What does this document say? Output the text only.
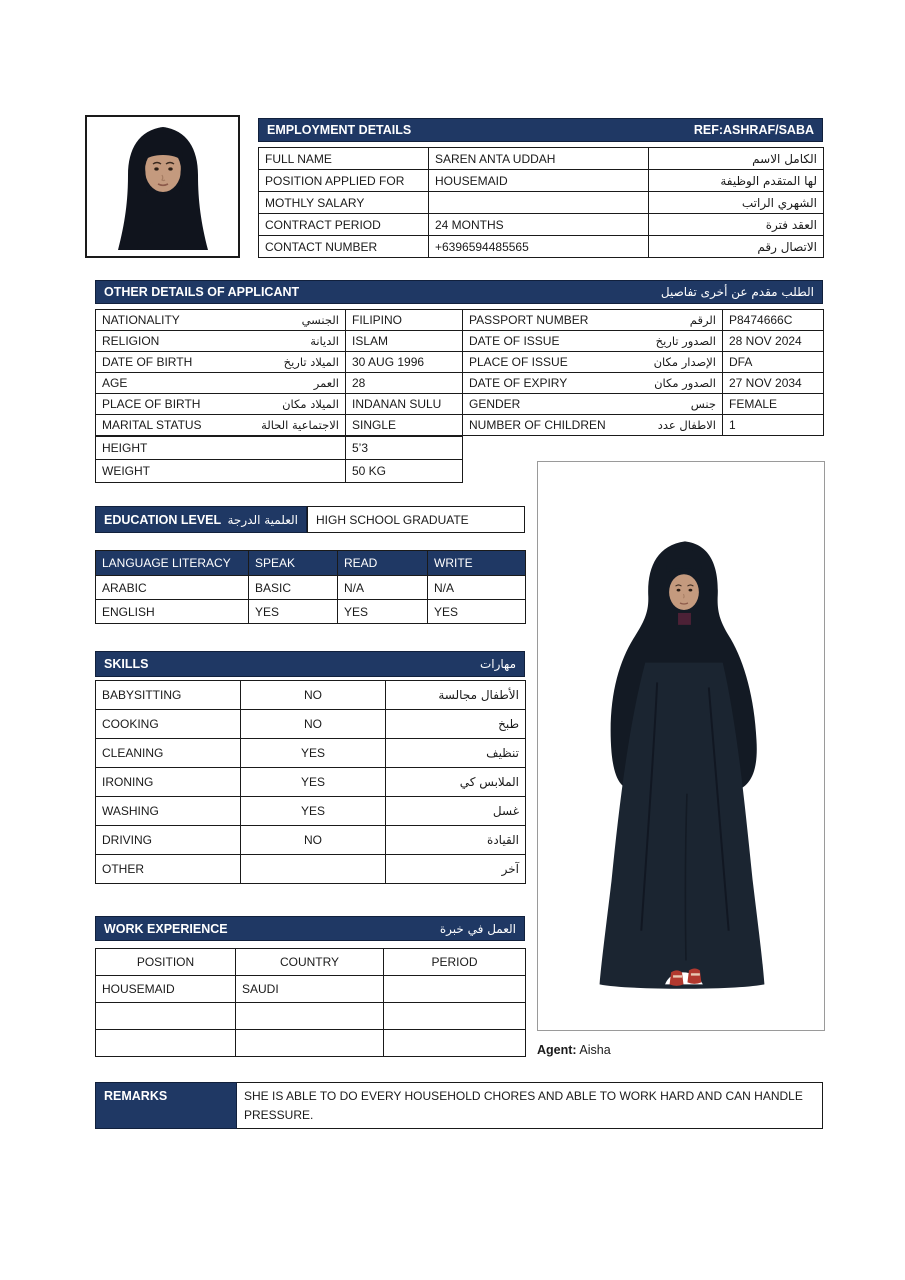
EMPLOYMENT DETAILS	REF:ASHRAF/SABA
FULL NAME	SAREN ANTA UDDAH	الكامل الاسم
POSITION APPLIED FOR	HOUSEMAID	لها المتقدم الوظيفة
MOTHLY SALARY		الشهري الراتب
CONTRACT PERIOD	24 MONTHS	العقد فترة
CONTACT NUMBER	+6396594485565	الاتصال رقم
OTHER DETAILS OF APPLICANT	الطلب مقدم عن أخرى تفاصيل
NATIONALITY الجنسي	FILIPINO	PASSPORT NUMBER الرقم	P8474666C

RELIGION الديانة	ISLAM	DATE OF ISSUE الصدور تاريخ	28 NOV 2024

DATE OF BIRTH الميلاد تاريخ	30 AUG 1996	PLACE OF ISSUE الإصدار مكان	DFA

AGE العمر	28	DATE OF EXPIRY الصدور مكان	27 NOV 2034

PLACE OF BIRTH الميلاد مكان	INDANAN SULU	GENDER جنس	FEMALE

MARITAL STATUS الاجتماعية الحالة	SINGLE	NUMBER OF CHILDREN الاطفال عدد	1
HEIGHT	5’3
WEIGHT	50 KG
EDUCATION LEVEL العلمية الدرجة	HIGH SCHOOL GRADUATE
LANGUAGE LITERACY	SPEAK	READ	WRITE
ARABIC	BASIC	N/A	N/A
ENGLISH	YES	YES	YES
SKILLS	مهارات
BABYSITTING	NO	الأطفال مجالسة
COOKING	NO	طبخ
CLEANING	YES	تنظيف
IRONING	YES	الملابس كي
WASHING	YES	غسل
DRIVING	NO	القيادة
OTHER		آخر
WORK EXPERIENCE	العمل في خبرة
POSITION	COUNTRY	PERIOD
HOUSEMAID	SAUDI	

Agent: Aisha
REMARKS	SHE IS ABLE TO DO EVERY HOUSEHOLD CHORES AND ABLE TO WORK HARD AND CAN HANDLE PRESSURE.
